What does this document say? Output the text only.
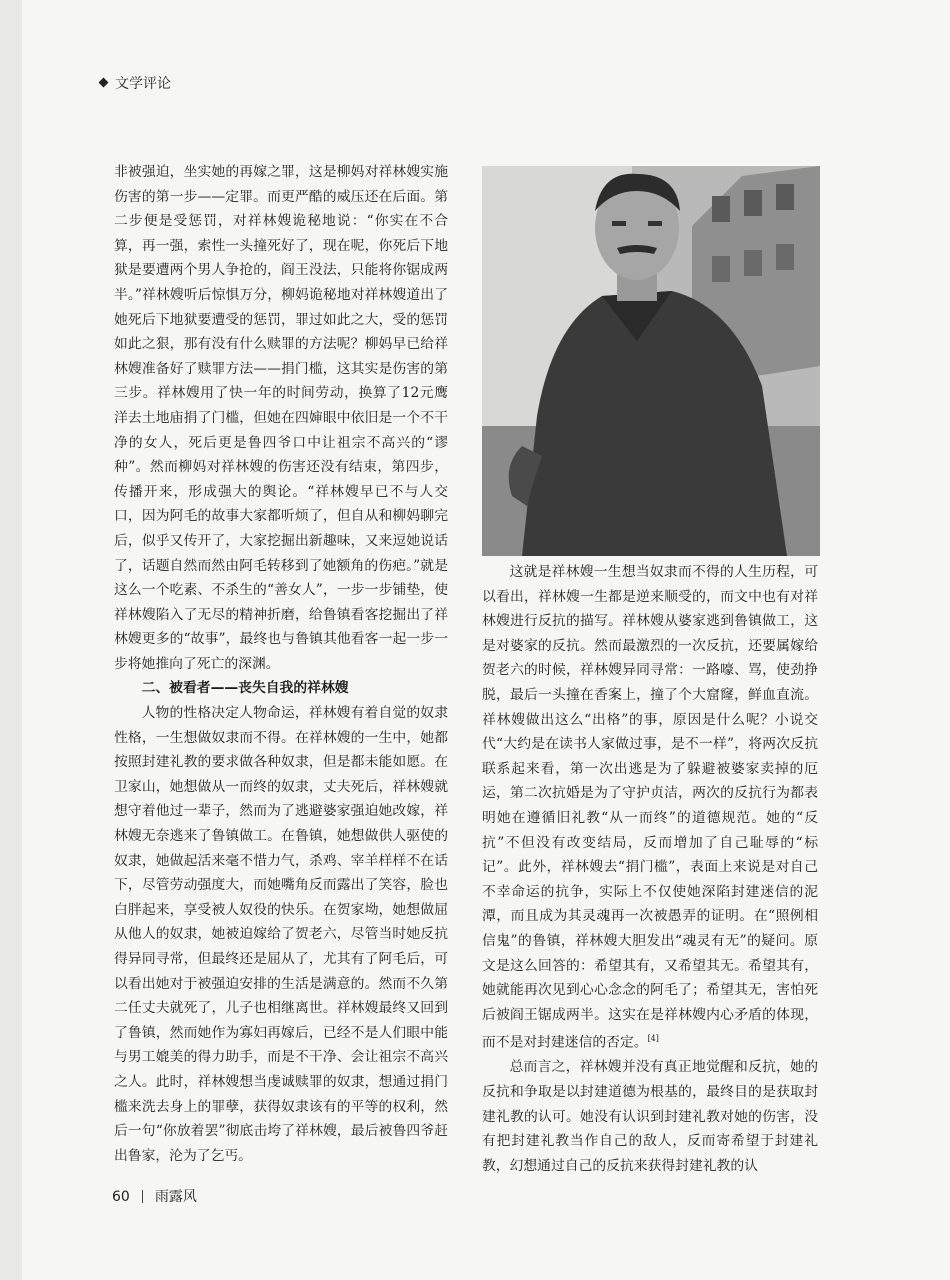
文学评论

非被强迫，坐实她的再嫁之罪，这是柳妈对祥林嫂实施伤害的第一步——定罪。而更严酷的威压还在后面。第二步便是受惩罚，对祥林嫂诡秘地说：“你实在不合算，再一强，索性一头撞死好了，现在呢，你死后下地狱是要遭两个男人争抢的，阎王没法，只能将你锯成两半。”祥林嫂听后惊惧万分，柳妈诡秘地对祥林嫂道出了她死后下地狱要遭受的惩罚，罪过如此之大，受的惩罚如此之狠，那有没有什么赎罪的方法呢？柳妈早已给祥林嫂准备好了赎罪方法——捐门槛，这其实是伤害的第三步。祥林嫂用了快一年的时间劳动，换算了12元鹰洋去土地庙捐了门槛，但她在四婶眼中依旧是一个不干净的女人，死后更是鲁四爷口中让祖宗不高兴的“谬种”。然而柳妈对祥林嫂的伤害还没有结束，第四步，传播开来，形成强大的舆论。“祥林嫂早已不与人交口，因为阿毛的故事大家都听烦了，但自从和柳妈聊完后，似乎又传开了，大家挖掘出新趣味，又来逗她说话了，话题自然而然由阿毛转移到了她额角的伤疤。”就是这么一个吃素、不杀生的“善女人”，一步一步铺垫，使祥林嫂陷入了无尽的精神折磨，给鲁镇看客挖掘出了祥林嫂更多的“故事”，最终也与鲁镇其他看客一起一步一步将她推向了死亡的深渊。

二、被看者——丧失自我的祥林嫂

人物的性格决定人物命运，祥林嫂有着自觉的奴隶性格，一生想做奴隶而不得。在祥林嫂的一生中，她都按照封建礼教的要求做各种奴隶，但是都未能如愿。在卫家山，她想做从一而终的奴隶，丈夫死后，祥林嫂就想守着他过一辈子，然而为了逃避婆家强迫她改嫁，祥林嫂无奈逃来了鲁镇做工。在鲁镇，她想做供人驱使的奴隶，她做起活来毫不惜力气，杀鸡、宰羊样样不在话下，尽管劳动强度大，而她嘴角反而露出了笑容，脸也白胖起来，享受被人奴役的快乐。在贺家坳，她想做屈从他人的奴隶，她被迫嫁给了贺老六，尽管当时她反抗得异同寻常，但最终还是屈从了，尤其有了阿毛后，可以看出她对于被强迫安排的生活是满意的。然而不久第二任丈夫就死了，儿子也相继离世。祥林嫂最终又回到了鲁镇，然而她作为寡妇再嫁后，已经不是人们眼中能与男工媲美的得力助手，而是不干净、会让祖宗不高兴之人。此时，祥林嫂想当虔诚赎罪的奴隶，想通过捐门槛来洗去身上的罪孽，获得奴隶该有的平等的权利，然后一句“你放着罢”彻底击垮了祥林嫂，最后被鲁四爷赶出鲁家，沦为了乞丐。

这就是祥林嫂一生想当奴隶而不得的人生历程，可以看出，祥林嫂一生都是逆来顺受的，而文中也有对祥林嫂进行反抗的描写。祥林嫂从婆家逃到鲁镇做工，这是对婆家的反抗。然而最激烈的一次反抗，还要属嫁给贺老六的时候，祥林嫂异同寻常：一路嚎、骂，使劲挣脱，最后一头撞在香案上，撞了个大窟窿，鲜血直流。祥林嫂做出这么“出格”的事，原因是什么呢？小说交代“大约是在读书人家做过事，是不一样”，将两次反抗联系起来看，第一次出逃是为了躲避被婆家卖掉的厄运，第二次抗婚是为了守护贞洁，两次的反抗行为都表明她在遵循旧礼教“从一而终”的道德规范。她的“反抗”不但没有改变结局，反而增加了自己耻辱的“标记”。此外，祥林嫂去“捐门槛”，表面上来说是对自己不幸命运的抗争，实际上不仅使她深陷封建迷信的泥潭，而且成为其灵魂再一次被愚弄的证明。在“照例相信鬼”的鲁镇，祥林嫂大胆发出“魂灵有无”的疑问。原文是这么回答的：希望其有，又希望其无。希望其有，她就能再次见到心心念念的阿毛了；希望其无，害怕死后被阎王锯成两半。这实在是祥林嫂内心矛盾的体现，而不是对封建迷信的否定。[4]

总而言之，祥林嫂并没有真正地觉醒和反抗，她的反抗和争取是以封建道德为根基的，最终目的是获取封建礼教的认可。她没有认识到封建礼教对她的伤害，没有把封建礼教当作自己的敌人，反而寄希望于封建礼教，幻想通过自己的反抗来获得封建礼教的认

60 雨露风
